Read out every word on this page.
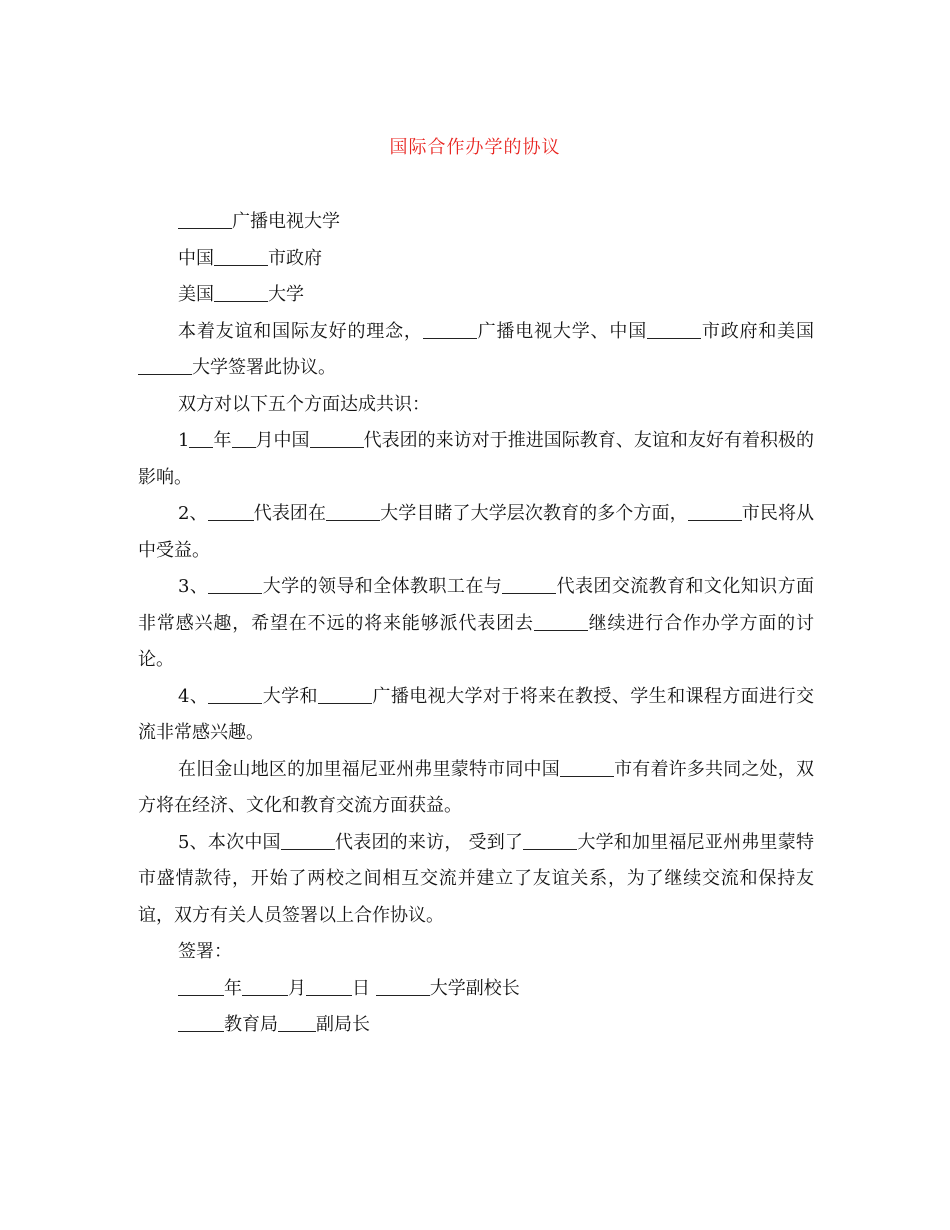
国际合作办学的协议

广播电视大学

中国	市政府

美国	大学

本着友谊和国际友好的理念，	广播电视大学、中国	市政府和美国大学签署此协议。

双方对以下五个方面达成共识：

1 年 月中国	代表团的来访对于推进国际教育、友谊和友好有着积极的影响。

2、	代表团在	大学目睹了大学层次教育的多个方面，	市民将从中受益。

3、	大学的领导和全体教职工在与	代表团交流教育和文化知识方面非常感兴趣，希望在不远的将来能够派代表团去	继续进行合作办学方面的讨论。

4、	大学和	广播电视大学对于将来在教授、学生和课程方面进行交流非常感兴趣。

在旧金山地区的加里福尼亚州弗里蒙特市同中国	市有着许多共同之处，双方将在经济、文化和教育交流方面获益。

5、本次中国	代表团的来访， 受到了	大学和加里福尼亚州弗里蒙特市盛情款待，开始了两校之间相互交流并建立了友谊关系，为了继续交流和保持友谊，双方有关人员签署以上合作协议。

签署：

年	月	日	大学副校长

教育局 副局长
